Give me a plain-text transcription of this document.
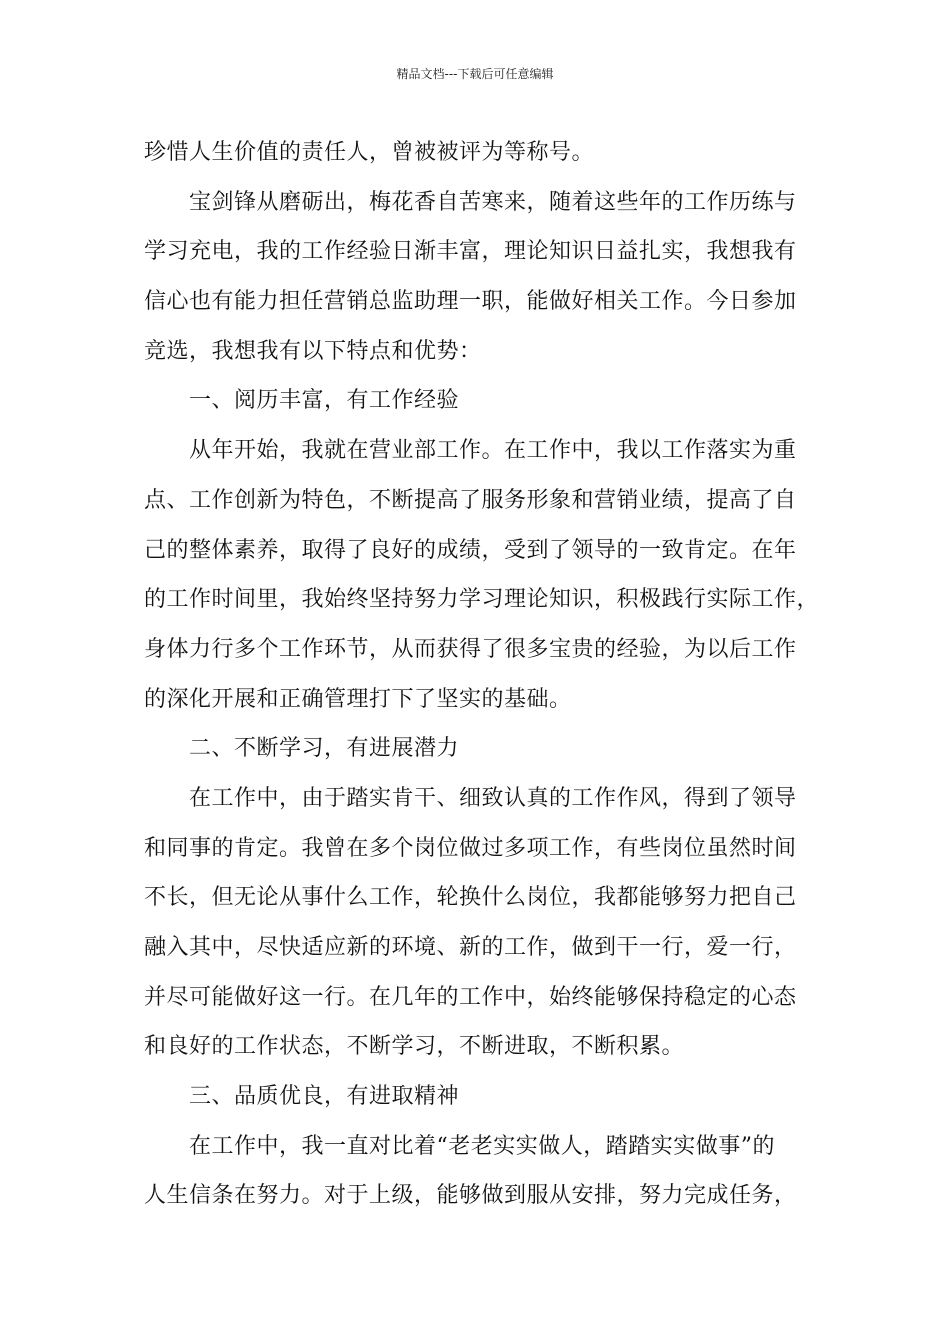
精品文档---下载后可任意编辑
珍惜人生价值的责任人，曾被被评为等称号。
宝剑锋从磨砺出，梅花香自苦寒来，随着这些年的工作历练与
学习充电，我的工作经验日渐丰富，理论知识日益扎实，我想我有
信心也有能力担任营销总监助理一职，能做好相关工作。今日参加
竞选，我想我有以下特点和优势：
一、阅历丰富，有工作经验
从年开始，我就在营业部工作。在工作中，我以工作落实为重
点、工作创新为特色，不断提高了服务形象和营销业绩，提高了自
己的整体素养，取得了良好的成绩，受到了领导的一致肯定。在年
的工作时间里，我始终坚持努力学习理论知识，积极践行实际工作，
身体力行多个工作环节，从而获得了很多宝贵的经验，为以后工作
的深化开展和正确管理打下了坚实的基础。
二、不断学习，有进展潜力
在工作中，由于踏实肯干、细致认真的工作作风，得到了领导
和同事的肯定。我曾在多个岗位做过多项工作，有些岗位虽然时间
不长，但无论从事什么工作，轮换什么岗位，我都能够努力把自己
融入其中，尽快适应新的环境、新的工作，做到干一行，爱一行，
并尽可能做好这一行。在几年的工作中，始终能够保持稳定的心态
和良好的工作状态，不断学习，不断进取，不断积累。
三、品质优良，有进取精神
在工作中，我一直对比着“老老实实做人，踏踏实实做事”的
人生信条在努力。对于上级，能够做到服从安排，努力完成任务，
